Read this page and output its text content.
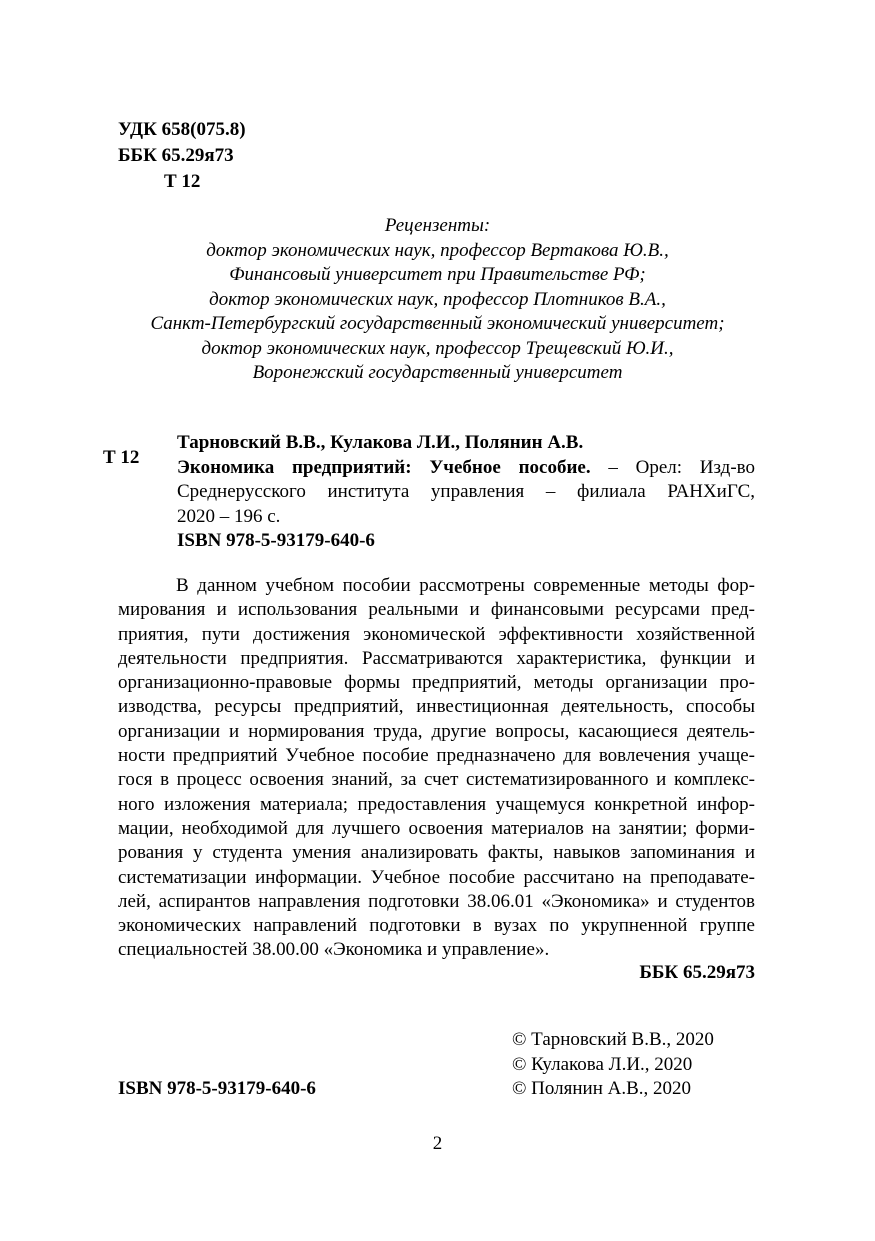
УДК 658(075.8)
ББК 65.29я73
Т 12
Рецензенты:
доктор экономических наук, профессор Вертакова Ю.В.,
Финансовый университет при Правительстве РФ;
доктор экономических наук, профессор Плотников В.А.,
Санкт-Петербургский государственный экономический университет;
доктор экономических наук, профессор Трещевский Ю.И.,
Воронежский государственный университет
Т 12
Тарновский В.В., Кулакова Л.И., Полянин А.В.
Экономика предприятий: Учебное пособие. – Орел: Изд-во
Среднерусского института управления – филиала РАНХиГС,
2020 – 196 с.
ISBN 978-5-93179-640-6
В данном учебном пособии рассмотрены современные методы фор-
мирования и использования реальными и финансовыми ресурсами пред-
приятия, пути достижения экономической эффективности хозяйственной
деятельности предприятия. Рассматриваются характеристика, функции и
организационно-правовые формы предприятий, методы организации про-
изводства, ресурсы предприятий, инвестиционная деятельность, способы
организации и нормирования труда, другие вопросы, касающиеся деятель-
ности предприятий Учебное пособие предназначено для вовлечения учаще-
гося в процесс освоения знаний, за счет систематизированного и комплекс-
ного изложения материала; предоставления учащемуся конкретной инфор-
мации, необходимой для лучшего освоения материалов на занятии; форми-
рования у студента умения анализировать факты, навыков запоминания и
систематизации информации. Учебное пособие рассчитано на преподавате-
лей, аспирантов направления подготовки 38.06.01 «Экономика» и студентов
экономических направлений подготовки в вузах по укрупненной группе
специальностей 38.00.00 «Экономика и управление».
ББК 65.29я73
© Тарновский В.В., 2020
© Кулакова Л.И., 2020
© Полянин А.В., 2020
ISBN 978-5-93179-640-6
2
